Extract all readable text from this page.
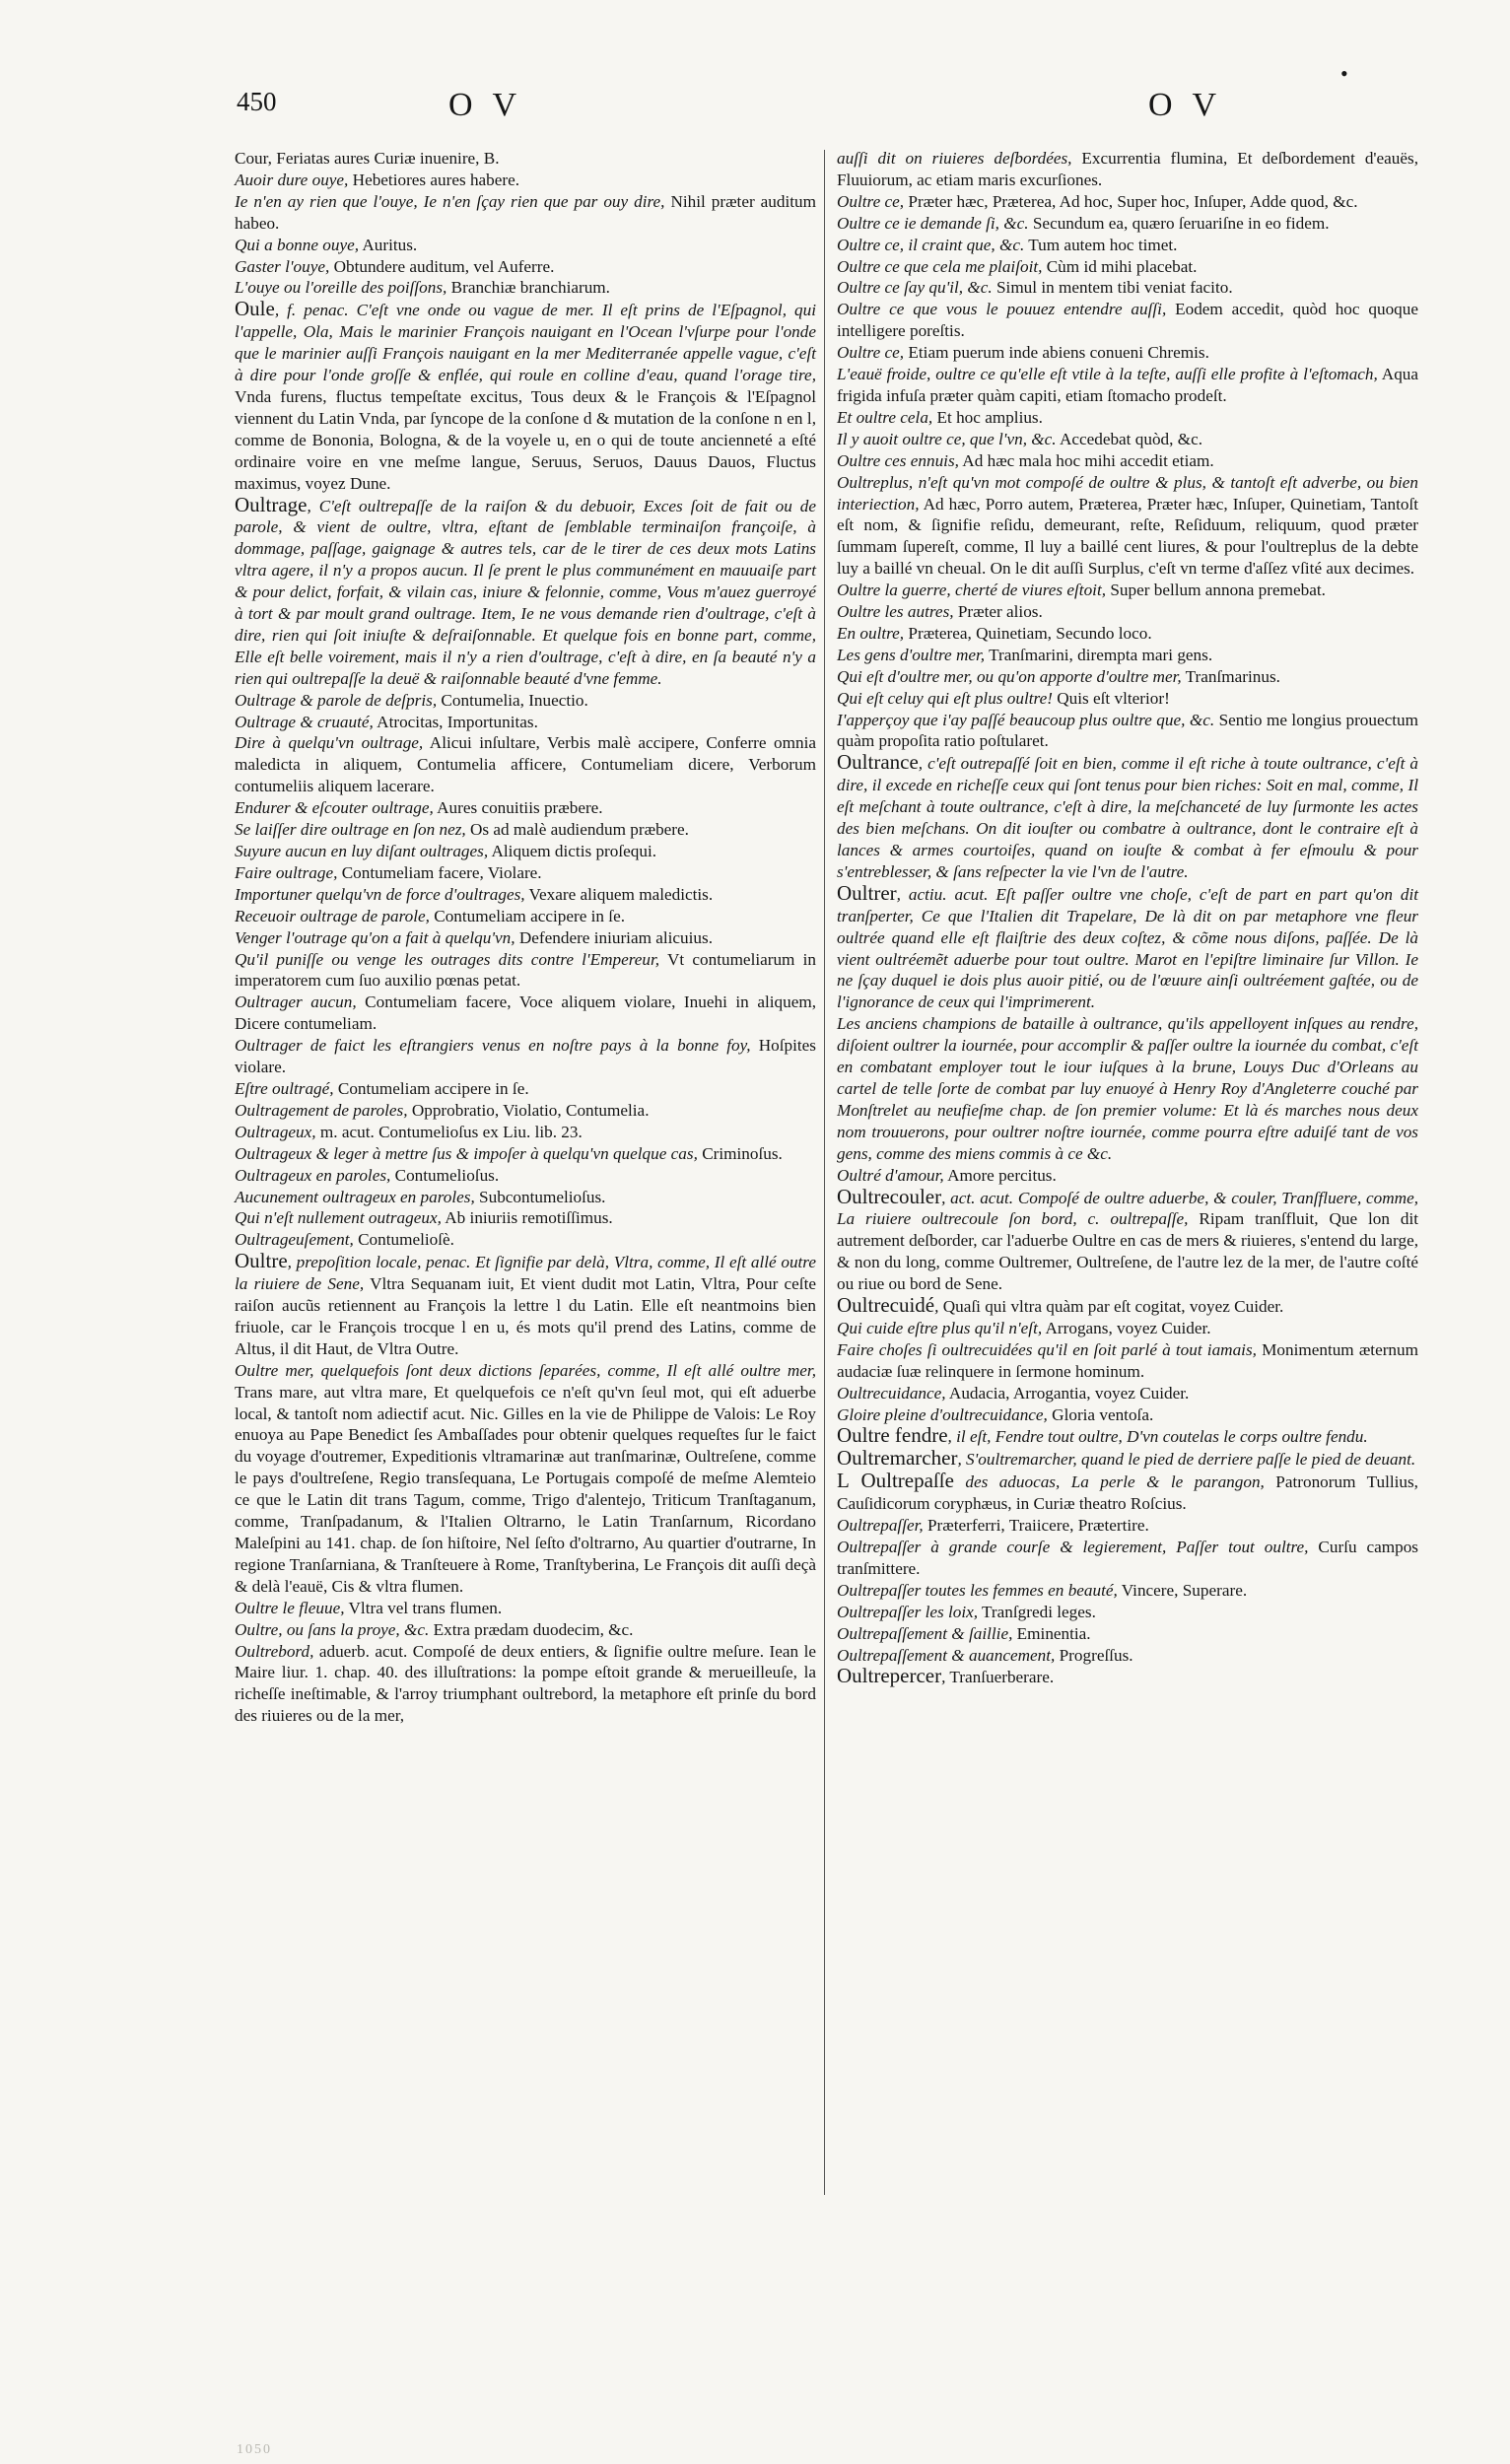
450	O V	O V
•

Cour, Feriatas aures Curiæ inuenire, B.

Auoir dure ouye, Hebetiores aures habere.

Ie n'en ay rien que l'ouye, Ie n'en ſçay rien que par ouy dire, Nihil præter auditum habeo.

Qui a bonne ouye, Auritus.

Gaster l'ouye, Obtundere auditum, vel Auferre.

L'ouye ou l'oreille des poiſſons, Branchiæ branchiarum.

Oule, f. penac. C'eſt vne onde ou vague de mer. Il eſt prins de l'Eſpagnol, qui l'appelle, Ola, Mais le marinier François nauigant en l'Ocean l'vſurpe pour l'onde que le marinier auſſi François nauigant en la mer Mediterranée appelle vague, c'eſt à dire pour l'onde groſſe & enflée, qui roule en colline d'eau, quand l'orage tire, Vnda furens, fluctus tempeſtate excitus, Tous deux & le François & l'Eſpagnol viennent du Latin Vnda, par ſyncope de la conſone d & mutation de la conſone n en l, comme de Bononia, Bologna, & de la voyele u, en o qui de toute ancienneté a eſté ordinaire voire en vne meſme langue, Seruus, Seruos, Dauus Dauos, Fluctus maximus, voyez Dune.

Oultrage, C'eſt oultrepaſſe de la raiſon & du debuoir, Exces ſoit de fait ou de parole, & vient de oultre, vltra, eſtant de ſemblable terminaiſon françoiſe, à dommage, paſſage, gaignage & autres tels, car de le tirer de ces deux mots Latins vltra agere, il n'y a propos aucun. Il ſe prent le plus communément en mauuaiſe part & pour delict, forfait, & vilain cas, iniure & felonnie, comme, Vous m'auez guerroyé à tort & par moult grand oultrage. Item, Ie ne vous demande rien d'oultrage, c'eſt à dire, rien qui ſoit iniuſte & deſraiſonnable. Et quelque fois en bonne part, comme, Elle eſt belle voirement, mais il n'y a rien d'oultrage, c'eſt à dire, en ſa beauté n'y a rien qui oultrepaſſe la deuë & raiſonnable beauté d'vne femme.

Oultrage & parole de deſpris, Contumelia, Inuectio.

Oultrage & cruauté, Atrocitas, Importunitas.

Dire à quelqu'vn oultrage, Alicui inſultare, Verbis malè accipere, Conferre omnia maledicta in aliquem, Contumelia afficere, Contumeliam dicere, Verborum contumeliis aliquem lacerare.

Endurer & eſcouter oultrage, Aures conuitiis præbere.

Se laiſſer dire oultrage en ſon nez, Os ad malè audiendum præbere.

Suyure aucun en luy diſant oultrages, Aliquem dictis proſequi.

Faire oultrage, Contumeliam facere, Violare.

Importuner quelqu'vn de force d'oultrages, Vexare aliquem maledictis.

Receuoir oultrage de parole, Contumeliam accipere in ſe.

Venger l'outrage qu'on a fait à quelqu'vn, Defendere iniuriam alicuius.

Qu'il puniſſe ou venge les outrages dits contre l'Empereur, Vt contumeliarum in imperatorem cum ſuo auxilio pœnas petat.

Oultrager aucun, Contumeliam facere, Voce aliquem violare, Inuehi in aliquem, Dicere contumeliam.

Oultrager de faict les eſtrangiers venus en noſtre pays à la bonne foy, Hoſpites violare.

Eſtre oultragé, Contumeliam accipere in ſe.

Oultragement de paroles, Opprobratio, Violatio, Contumelia.

Oultrageux, m. acut. Contumelioſus ex Liu. lib. 23.

Oultrageux & leger à mettre ſus & impoſer à quelqu'vn quelque cas, Criminoſus.

Oultrageux en paroles, Contumelioſus.

Aucunement oultrageux en paroles, Subcontumelioſus.

Qui n'eſt nullement outrageux, Ab iniuriis remotiſſimus.

Oultrageuſement, Contumelioſè.

Oultre, prepoſition locale, penac. Et ſignifie par delà, Vltra, comme, Il eſt allé outre la riuiere de Sene, Vltra Sequanam iuit, Et vient dudit mot Latin, Vltra, Pour ceſte raiſon aucũs retiennent au François la lettre l du Latin. Elle eſt neantmoins bien friuole, car le François trocque l en u, és mots qu'il prend des Latins, comme de Altus, il dit Haut, de Vltra Outre.

Oultre mer, quelquefois ſont deux dictions ſeparées, comme, Il eſt allé oultre mer, Trans mare, aut vltra mare, Et quelquefois ce n'eſt qu'vn ſeul mot, qui eſt aduerbe local, & tantoſt nom adiectif acut. Nic. Gilles en la vie de Philippe de Valois: Le Roy enuoya au Pape Benedict ſes Ambaſſades pour obtenir quelques requeſtes ſur le faict du voyage d'outremer, Expeditionis vltramarinæ aut tranſmarinæ, Oultreſene, comme le pays d'oultreſene, Regio transſequana, Le Portugais compoſé de meſme Alemteio ce que le Latin dit trans Tagum, comme, Trigo d'alentejo, Triticum Tranſtaganum, comme, Tranſpadanum, & l'Italien Oltrarno, le Latin Tranſarnum, Ricordano Maleſpini au 141. chap. de ſon hiſtoire, Nel ſeſto d'oltrarno, Au quartier d'outrarne, In regione Tranſarniana, & Tranſteuere à Rome, Tranſtyberina, Le François dit auſſi deçà & delà l'eauë, Cis & vltra flumen.

Oultre le fleuue, Vltra vel trans flumen.

Oultre, ou ſans la proye, &c. Extra prædam duodecim, &c.

Oultrebord, aduerb. acut. Compoſé de deux entiers, & ſignifie oultre meſure. Iean le Maire liur. 1. chap. 40. des illuſtrations: la pompe eſtoit grande & merueilleuſe, la richeſſe ineſtimable, & l'arroy triumphant oultrebord, la metaphore eſt prinſe du bord des riuieres ou de la mer,

auſſi dit on riuieres deſbordées, Excurrentia flumina, Et deſbordement d'eauës, Fluuiorum, ac etiam maris excurſiones.

Oultre ce, Præter hæc, Præterea, Ad hoc, Super hoc, Inſuper, Adde quod, &c.

Oultre ce ie demande ſi, &c. Secundum ea, quæro ſeruariſne in eo fidem.

Oultre ce, il craint que, &c. Tum autem hoc timet.

Oultre ce que cela me plaiſoit, Cùm id mihi placebat.

Oultre ce ſay qu'il, &c. Simul in mentem tibi veniat facito.

Oultre ce que vous le pouuez entendre auſſi, Eodem accedit, quòd hoc quoque intelligere poreſtis.

Oultre ce, Etiam puerum inde abiens conueni Chremis.

L'eauë froide, oultre ce qu'elle eſt vtile à la teſte, auſſi elle profite à l'eſtomach, Aqua frigida infuſa præter quàm capiti, etiam ſtomacho prodeſt.

Et oultre cela, Et hoc amplius.

Il y auoit oultre ce, que l'vn, &c. Accedebat quòd, &c.

Oultre ces ennuis, Ad hæc mala hoc mihi accedit etiam.

Oultreplus, n'eſt qu'vn mot compoſé de oultre & plus, & tantoſt eſt adverbe, ou bien interiection, Ad hæc, Porro autem, Præterea, Præter hæc, Inſuper, Quinetiam, Tantoſt eſt nom, & ſignifie reſidu, demeurant, reſte, Reſiduum, reliquum, quod præter ſummam ſupereſt, comme, Il luy a baillé cent liures, & pour l'oultreplus de la debte luy a baillé vn cheual. On le dit auſſi Surplus, c'eſt vn terme d'aſſez vſité aux decimes.

Oultre la guerre, cherté de viures eſtoit, Super bellum annona premebat.

Oultre les autres, Præter alios.

En oultre, Præterea, Quinetiam, Secundo loco.

Les gens d'oultre mer, Tranſmarini, dirempta mari gens.

Qui eſt d'oultre mer, ou qu'on apporte d'oultre mer, Tranſmarinus.

Qui eſt celuy qui eſt plus oultre! Quis eſt vlterior!

I'apperçoy que i'ay paſſé beaucoup plus oultre que, &c. Sentio me longius prouectum quàm propoſita ratio poſtularet.

Oultrance, c'eſt outrepaſſé ſoit en bien, comme il eſt riche à toute oultrance, c'eſt à dire, il excede en richeſſe ceux qui ſont tenus pour bien riches: Soit en mal, comme, Il eſt meſchant à toute oultrance, c'eſt à dire, la meſchanceté de luy ſurmonte les actes des bien meſchans. On dit iouſter ou combatre à oultrance, dont le contraire eſt à lances & armes courtoiſes, quand on iouſte & combat à fer eſmoulu & pour s'entreblesser, & ſans reſpecter la vie l'vn de l'autre.

Oultrer, actiu. acut. Eſt paſſer oultre vne choſe, c'eſt de part en part qu'on dit tranſperter, Ce que l'Italien dit Trapelare, De là dit on par metaphore vne fleur oultrée quand elle eſt flaiſtrie des deux coſtez, & cõme nous diſons, paſſée. De là vient oultréemẽt aduerbe pour tout oultre. Marot en l'epiſtre liminaire ſur Villon. Ie ne ſçay duquel ie dois plus auoir pitié, ou de l'œuure ainſi oultréement gaſtée, ou de l'ignorance de ceux qui l'imprimerent.

Les anciens champions de bataille à oultrance, qu'ils appelloyent inſques au rendre, diſoient oultrer la iournée, pour accomplir & paſſer oultre la iournée du combat, c'eſt en combatant employer tout le iour iuſques à la brune, Louys Duc d'Orleans au cartel de telle ſorte de combat par luy enuoyé à Henry Roy d'Angleterre couché par Monſtrelet au neufieſme chap. de ſon premier volume: Et là és marches nous deux nom trouuerons, pour oultrer noſtre iournée, comme pourra eſtre aduiſé tant de vos gens, comme des miens commis à ce &c.

Oultré d'amour, Amore percitus.

Oultrecouler, act. acut. Compoſé de oultre aduerbe, & couler, Tranſfluere, comme, La riuiere oultrecoule ſon bord, c. oultrepaſſe, Ripam tranſfluit, Que lon dit autrement deſborder, car l'aduerbe Oultre en cas de mers & riuieres, s'entend du large, & non du long, comme Oultremer, Oultreſene, de l'autre lez de la mer, de l'autre coſté ou riue ou bord de Sene.

Oultrecuidé, Quaſi qui vltra quàm par eſt cogitat, voyez Cuider.

Qui cuide eſtre plus qu'il n'eſt, Arrogans, voyez Cuider.

Faire choſes ſi oultrecuidées qu'il en ſoit parlé à tout iamais, Monimentum æternum audaciæ ſuæ relinquere in ſermone hominum.

Oultrecuidance, Audacia, Arrogantia, voyez Cuider.

Gloire pleine d'oultrecuidance, Gloria ventoſa.

Oultre fendre, il eſt, Fendre tout oultre, D'vn coutelas le corps oultre fendu.

Oultremarcher, S'oultremarcher, quand le pied de derriere paſſe le pied de deuant.

L Oultrepaſſe des aduocas, La perle & le parangon, Patronorum Tullius, Cauſidicorum coryphæus, in Curiæ theatro Roſcius.

Oultrepaſſer, Præterferri, Traiicere, Prætertire.

Oultrepaſſer à grande courſe & legierement, Paſſer tout oultre, Curſu campos tranſmittere.

Oultrepaſſer toutes les femmes en beauté, Vincere, Superare.

Oultrepaſſer les loix, Tranſgredi leges.

Oultrepaſſement & ſaillie, Eminentia.

Oultrepaſſement & auancement, Progreſſus.

Oultrepercer, Tranſuerberare.

1050
